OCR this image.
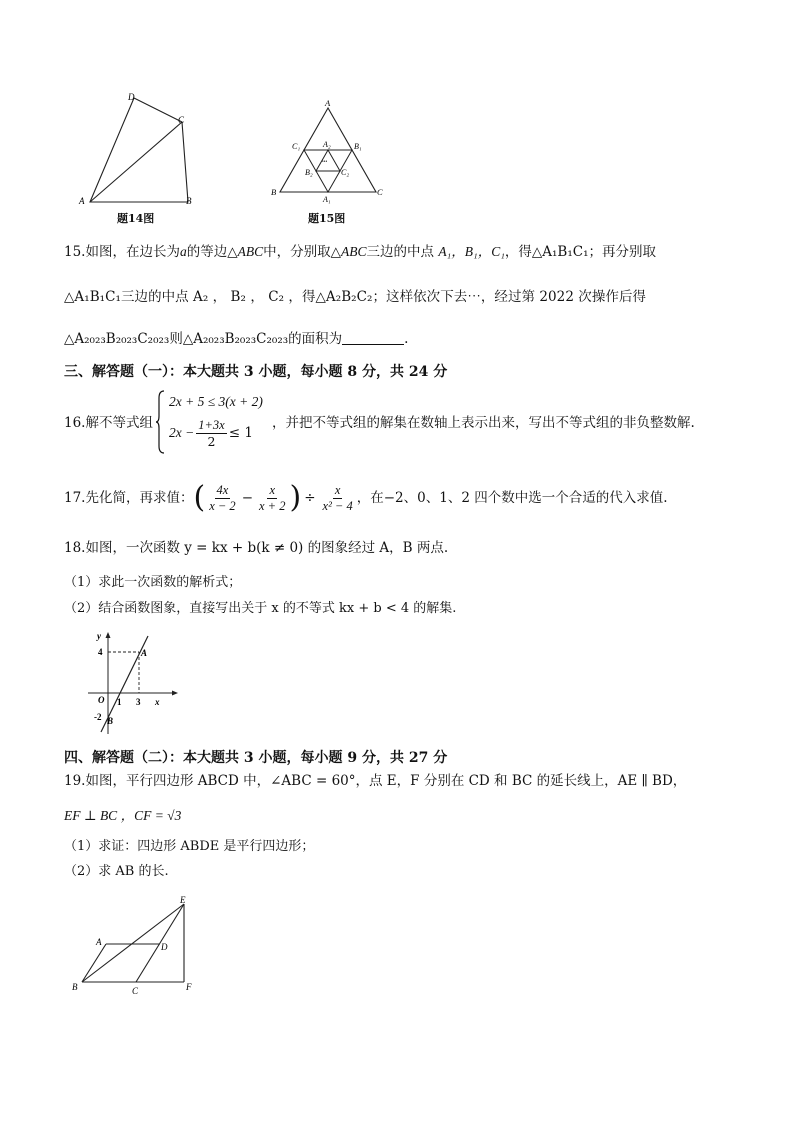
D
C
A	B
题14图
A
B	C
C₁	B₁
A₂
B₂	C₂
A₁
•••
题15图
15.如图，在边长为a的等边△ABC中，分别取△ABC三边的中点 A₁，B₁，C₁，得△A₁B₁C₁；再分别取
△A₁B₁C₁三边的中点 A₂ ， B₂ ， C₂ ，得△A₂B₂C₂；这样依次下去⋯，经过第 2022 次操作后得
△A₂₀₂₃B₂₀₂₃C₂₀₂₃则△A₂₀₂₃B₂₀₂₃C₂₀₂₃的面积为	.
三、解答题（一）：本大题共 3 小题，每小题 8 分，共 24 分
16.解不等式组
2x + 5 ≤ 3(x + 2)
$2x - \frac{1+3x}{2} \le 1$
，并把不等式组的解集在数轴上表示出来，写出不等式组的非负整数解.
17.先化简，再求值： ( $\frac{4x}{x - 2} - \frac{x}{x + 2}$ ) ÷ $\frac{x}{\text{x² − 4}}$ ，在−2、0、1、2 四个数中选一个合适的代入求值.
18.如图，一次函数 y = kx + b(k ≠ 0) 的图象经过 A，B 两点.
（1）求此一次函数的解析式；
（2）结合函数图象，直接写出关于 x 的不等式 kx + b < 4 的解集.
y
4	A
O 1 3 x
-2 B
四、解答题（二）：本大题共 3 小题，每小题 9 分，共 27 分
19.如图，平行四边形 ABCD 中，∠ABC = 60°，点 E，F 分别在 CD 和 BC 的延长线上，AE ∥ BD，
EF ⊥ BC ，CF = √3
（1）求证：四边形 ABDE 是平行四边形；
（2）求 AB 的长.
E
A	D
B	C	F
